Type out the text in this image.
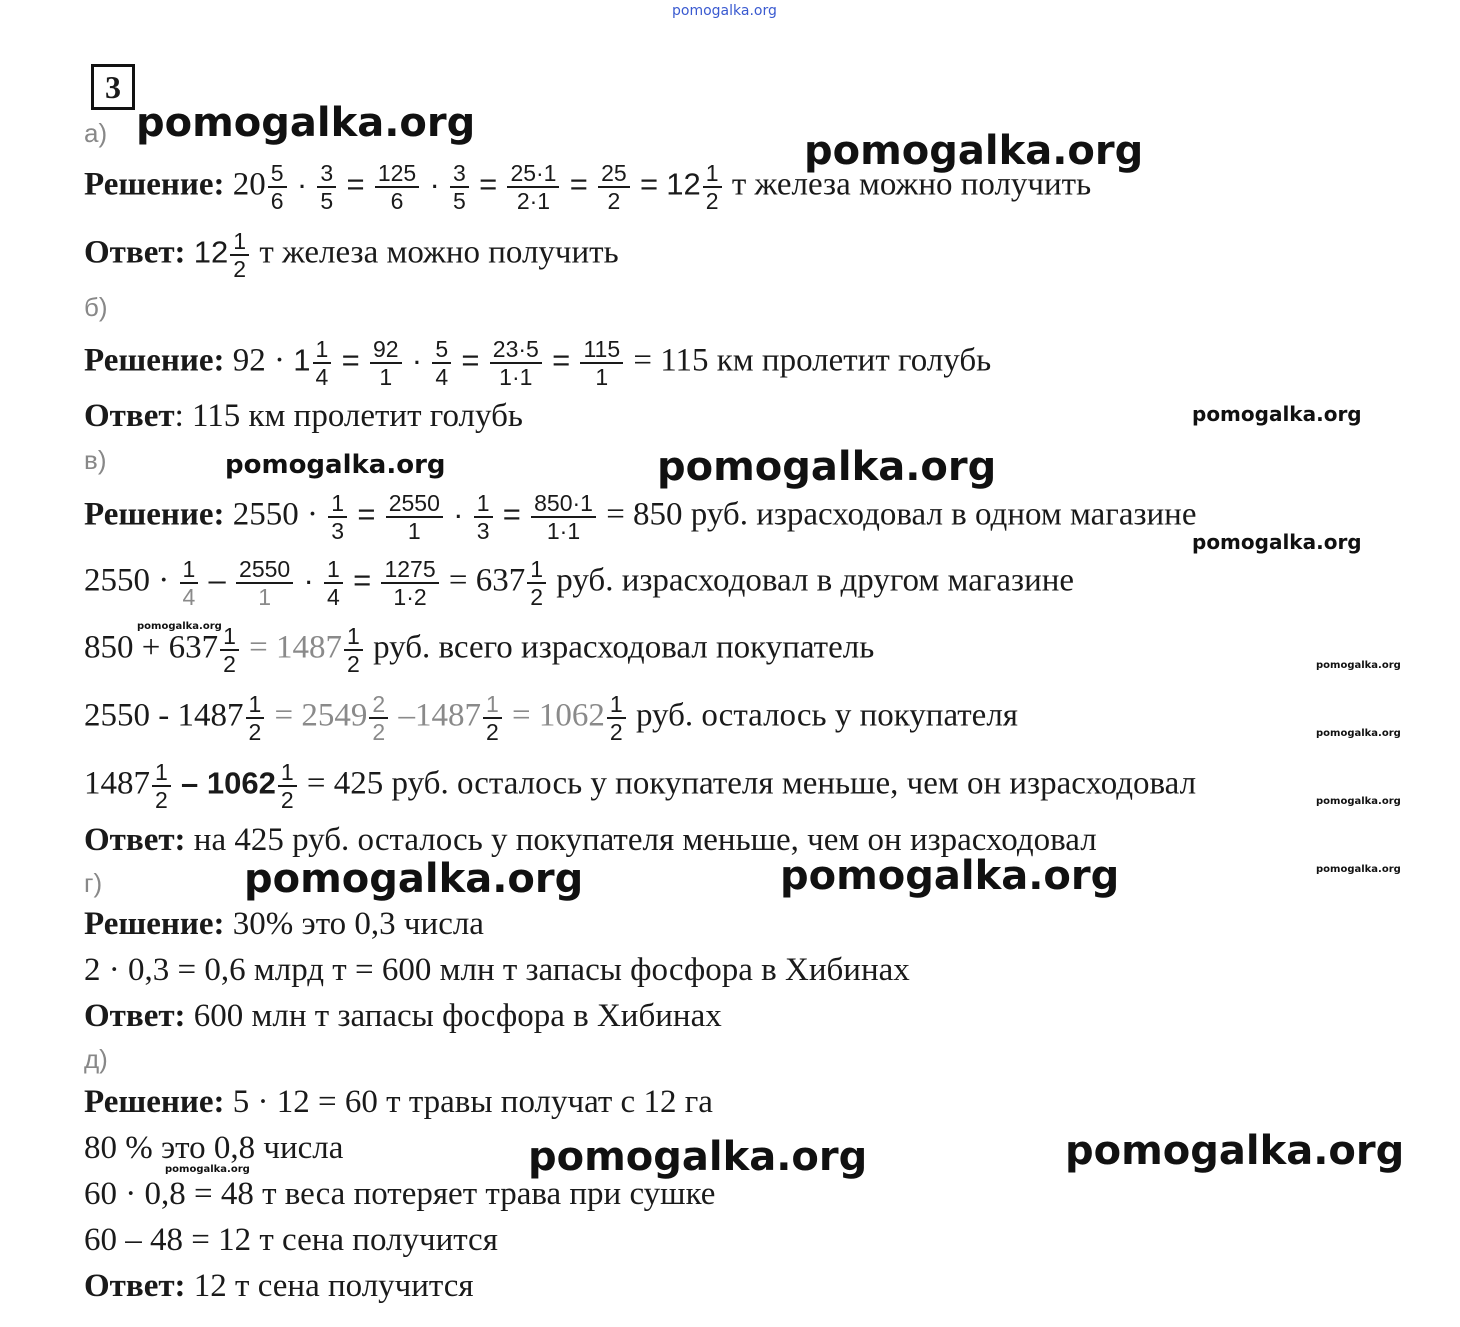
pomogalka.org
3
а) pomogalka.org
pomogalka.org
Решение: $20 \frac{5}{6} \cdot \frac{3}{5} = \frac{125}{6} \cdot \frac{3}{5} = \frac{25\cdot 1}{2\cdot 1} = \frac{25}{2} = 12 \frac{1}{2}$ т железа можно получить
Ответ: $12 \frac{1}{2}$ т железа можно получить
б)
Решение: $92 \cdot 1 \frac{1}{4} = \frac{92}{1} \cdot \frac{5}{4} = \frac{23\cdot 5}{1\cdot 1} = \frac{115}{1} = 115$ км пролетит голубь
Ответ: 115 км пролетит голубь	pomogalka.org
в)	pomogalka.org	pomogalka.org
Решение: $2550 \cdot \frac{1}{3} = \frac{2550}{1} \cdot \frac{1}{3} = \frac{850\cdot 1}{1\cdot 1} = 850$ руб. израсходовал в одном магазине
pomogalka.org
$2550 \cdot \frac{1}{4} - \frac{2550}{1} \cdot \frac{1}{4} = \frac{1275}{1\cdot 2} = 637 \frac{1}{2}$ руб. израсходовал в другом магазине
pomogalka.org
$850 + 637 \frac{1}{2} = 1487 \frac{1}{2}$ руб. всего израсходовал покупатель	pomogalka.org
$2550 - 1487 \frac{1}{2} = 2549 \frac{2}{2} -1487 \frac{1}{2} = 1062 \frac{1}{2}$ руб. осталось у покупателя	pomogalka.org
$1487 \frac{1}{2} - 1062 \frac{1}{2} = 425$ руб. осталось у покупателя меньше, чем он израсходовал	pomogalka.org
Ответ: на 425 руб. осталось у покупателя меньше, чем он израсходовал
pomogalka.org
г)	pomogalka.org	pomogalka.org
Решение: 30% это 0,3 числа
2 · 0,3 = 0,6 млрд т = 600 млн т запасы фосфора в Хибинах
Ответ: 600 млн т запасы фосфора в Хибинах
д)
Решение: 5 · 12 = 60 т травы получат с 12 га
80 % это 0,8 числа
pomogalka.org	pomogalka.org	pomogalka.org
60 · 0,8 = 48 т веса потеряет трава при сушке
60 – 48 = 12 т сена получится
Ответ: 12 т сена получится
